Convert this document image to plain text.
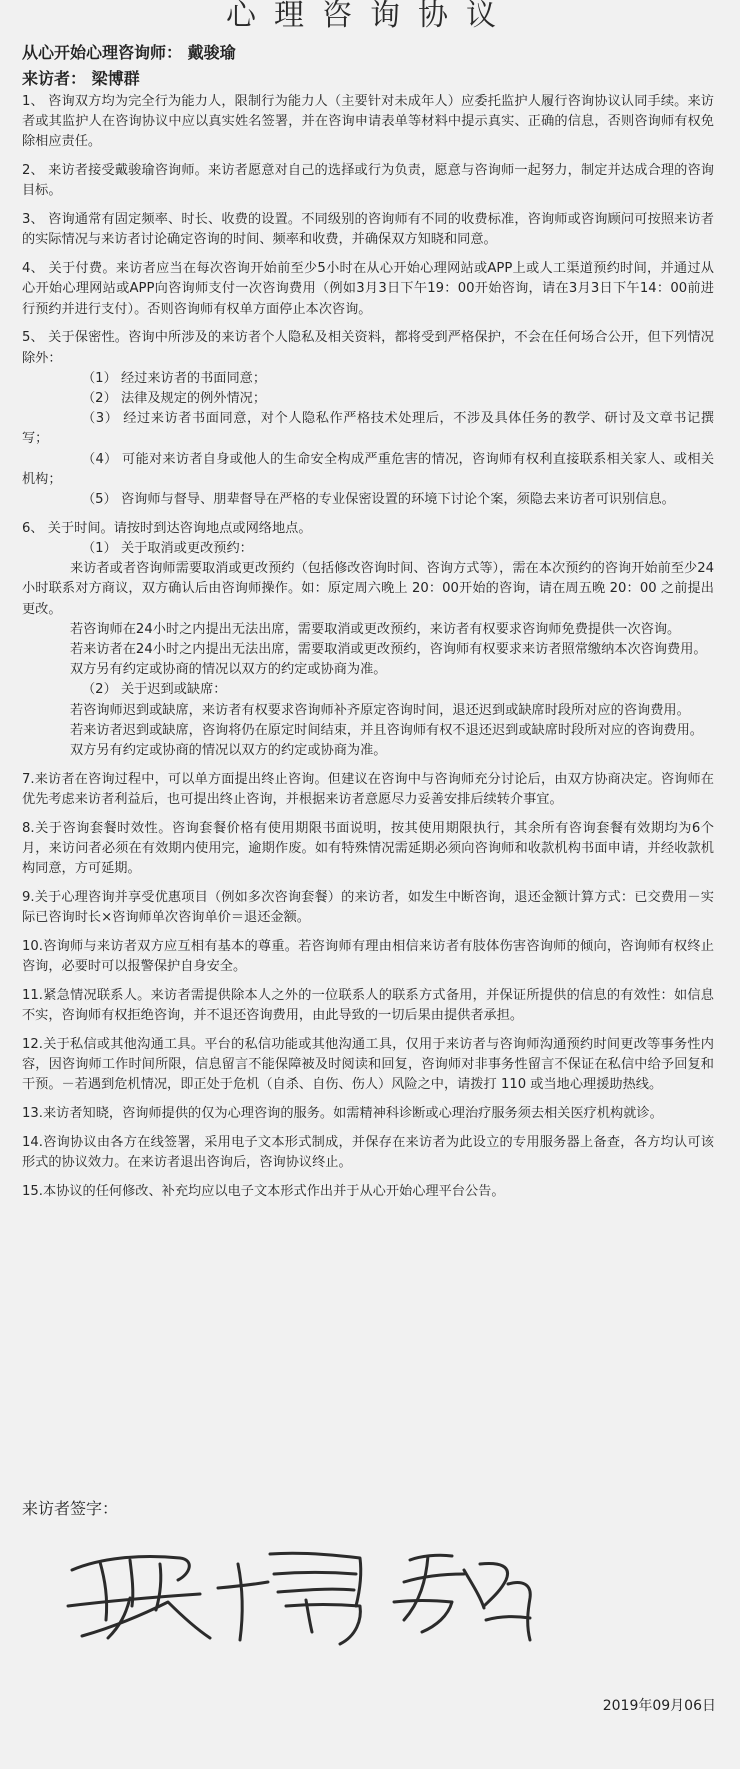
心理咨询协议
从心开始心理咨询师： 戴骏瑜
来访者： 梁博群

1、 咨询双方均为完全行为能力人，限制行为能力人（主要针对未成年人）应委托监护人履行咨询协议认同手续。来访者或其监护人在咨询协议中应以真实姓名签署，并在咨询申请表单等材料中提示真实、正确的信息，否则咨询师有权免除相应责任。

2、 来访者接受戴骏瑜咨询师。来访者愿意对自己的选择或行为负责，愿意与咨询师一起努力，制定并达成合理的咨询目标。

3、 咨询通常有固定频率、时长、收费的设置。不同级别的咨询师有不同的收费标准，咨询师或咨询顾问可按照来访者的实际情况与来访者讨论确定咨询的时间、频率和收费，并确保双方知晓和同意。

4、 关于付费。来访者应当在每次咨询开始前至少5小时在从心开始心理网站或APP上或人工渠道预约时间，并通过从心开始心理网站或APP向咨询师支付一次咨询费用（例如3月3日下午19：00开始咨询，请在3月3日下午14：00前进行预约并进行支付）。否则咨询师有权单方面停止本次咨询。

5、 关于保密性。咨询中所涉及的来访者个人隐私及相关资料，都将受到严格保护，不会在任何场合公开，但下列情况除外：

（1） 经过来访者的书面同意；

（2） 法律及规定的例外情况；

（3） 经过来访者书面同意，对个人隐私作严格技术处理后，不涉及具体任务的教学、研讨及文章书记撰写；

（4） 可能对来访者自身或他人的生命安全构成严重危害的情况，咨询师有权利直接联系相关家人、或相关机构；

（5） 咨询师与督导、朋辈督导在严格的专业保密设置的环境下讨论个案，须隐去来访者可识别信息。

6、 关于时间。请按时到达咨询地点或网络地点。

（1） 关于取消或更改预约：

来访者或者咨询师需要取消或更改预约（包括修改咨询时间、咨询方式等），需在本次预约的咨询开始前至少24小时联系对方商议，双方确认后由咨询师操作。如：原定周六晚上 20：00开始的咨询，请在周五晚 20：00 之前提出更改。

若咨询师在24小时之内提出无法出席，需要取消或更改预约，来访者有权要求咨询师免费提供一次咨询。

若来访者在24小时之内提出无法出席，需要取消或更改预约，咨询师有权要求来访者照常缴纳本次咨询费用。

双方另有约定或协商的情况以双方的约定或协商为准。

（2） 关于迟到或缺席：

若咨询师迟到或缺席，来访者有权要求咨询师补齐原定咨询时间，退还迟到或缺席时段所对应的咨询费用。

若来访者迟到或缺席，咨询将仍在原定时间结束，并且咨询师有权不退还迟到或缺席时段所对应的咨询费用。

双方另有约定或协商的情况以双方的约定或协商为准。

7.来访者在咨询过程中，可以单方面提出终止咨询。但建议在咨询中与咨询师充分讨论后，由双方协商决定。咨询师在优先考虑来访者利益后，也可提出终止咨询，并根据来访者意愿尽力妥善安排后续转介事宜。

8.关于咨询套餐时效性。咨询套餐价格有使用期限书面说明，按其使用期限执行，其余所有咨询套餐有效期均为6个月，来访问者必须在有效期内使用完，逾期作废。如有特殊情况需延期必须向咨询师和收款机构书面申请，并经收款机构同意，方可延期。

9.关于心理咨询并享受优惠项目（例如多次咨询套餐）的来访者，如发生中断咨询，退还金额计算方式：已交费用－实际已咨询时长×咨询师单次咨询单价＝退还金额。

10.咨询师与来访者双方应互相有基本的尊重。若咨询师有理由相信来访者有肢体伤害咨询师的倾向，咨询师有权终止咨询，必要时可以报警保护自身安全。

11.紧急情况联系人。来访者需提供除本人之外的一位联系人的联系方式备用，并保证所提供的信息的有效性：如信息不实，咨询师有权拒绝咨询，并不退还咨询费用，由此导致的一切后果由提供者承担。

12.关于私信或其他沟通工具。平台的私信功能或其他沟通工具，仅用于来访者与咨询师沟通预约时间更改等事务性内容，因咨询师工作时间所限，信息留言不能保障被及时阅读和回复，咨询师对非事务性留言不保证在私信中给予回复和干预。－若遇到危机情况，即正处于危机（自杀、自伤、伤人）风险之中，请拨打 110 或当地心理援助热线。

13.来访者知晓，咨询师提供的仅为心理咨询的服务。如需精神科诊断或心理治疗服务须去相关医疗机构就诊。

14.咨询协议由各方在线签署，采用电子文本形式制成，并保存在来访者为此设立的专用服务器上备查，各方均认可该形式的协议效力。在来访者退出咨询后，咨询协议终止。

15.本协议的任何修改、补充均应以电子文本形式作出并于从心开始心理平台公告。

来访者签字：
2019年09月06日
